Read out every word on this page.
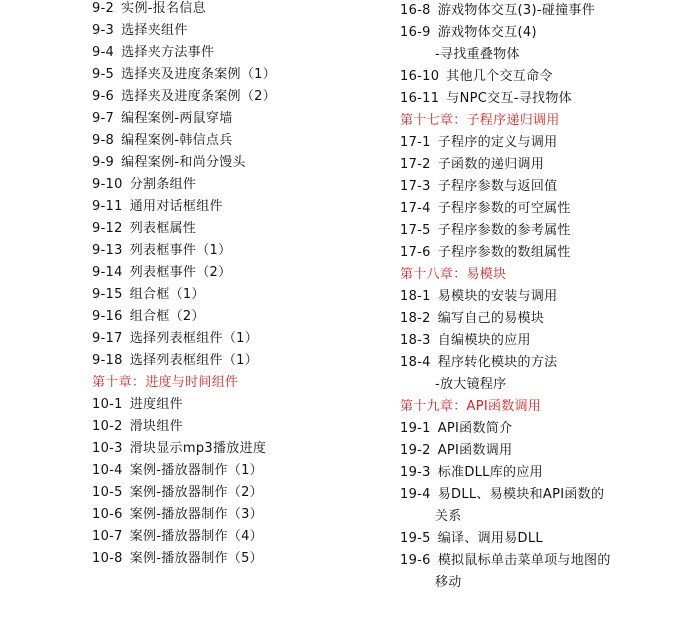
9-2 实例-报名信息
9-3 选择夹组件
9-4 选择夹方法事件
9-5 选择夹及进度条案例（1）
9-6 选择夹及进度条案例（2）
9-7 编程案例-两鼠穿墙
9-8 编程案例-韩信点兵
9-9 编程案例-和尚分馒头
9-10 分割条组件
9-11 通用对话框组件
9-12 列表框属性
9-13 列表框事件（1）
9-14 列表框事件（2）
9-15 组合框（1）
9-16 组合框（2）
9-17 选择列表框组件（1）
9-18 选择列表框组件（1）
第十章：进度与时间组件
10-1 进度组件
10-2 滑块组件
10-3 滑块显示mp3播放进度
10-4 案例-播放器制作（1）
10-5 案例-播放器制作（2）
10-6 案例-播放器制作（3）
10-7 案例-播放器制作（4）
10-8 案例-播放器制作（5）
16-8 游戏物体交互(3)-碰撞事件
16-9 游戏物体交互(4)
-寻找重叠物体
16-10 其他几个交互命令
16-11 与NPC交互-寻找物体
第十七章：子程序递归调用
17-1 子程序的定义与调用
17-2 子函数的递归调用
17-3 子程序参数与返回值
17-4 子程序参数的可空属性
17-5 子程序参数的参考属性
17-6 子程序参数的数组属性
第十八章：易模块
18-1 易模块的安装与调用
18-2 编写自己的易模块
18-3 自编模块的应用
18-4 程序转化模块的方法
-放大镜程序
第十九章：API函数调用
19-1 API函数简介
19-2 API函数调用
19-3 标准DLL库的应用
19-4 易DLL、易模块和API函数的
关系
19-5 编译、调用易DLL
19-6 模拟鼠标单击菜单项与地图的
移动
